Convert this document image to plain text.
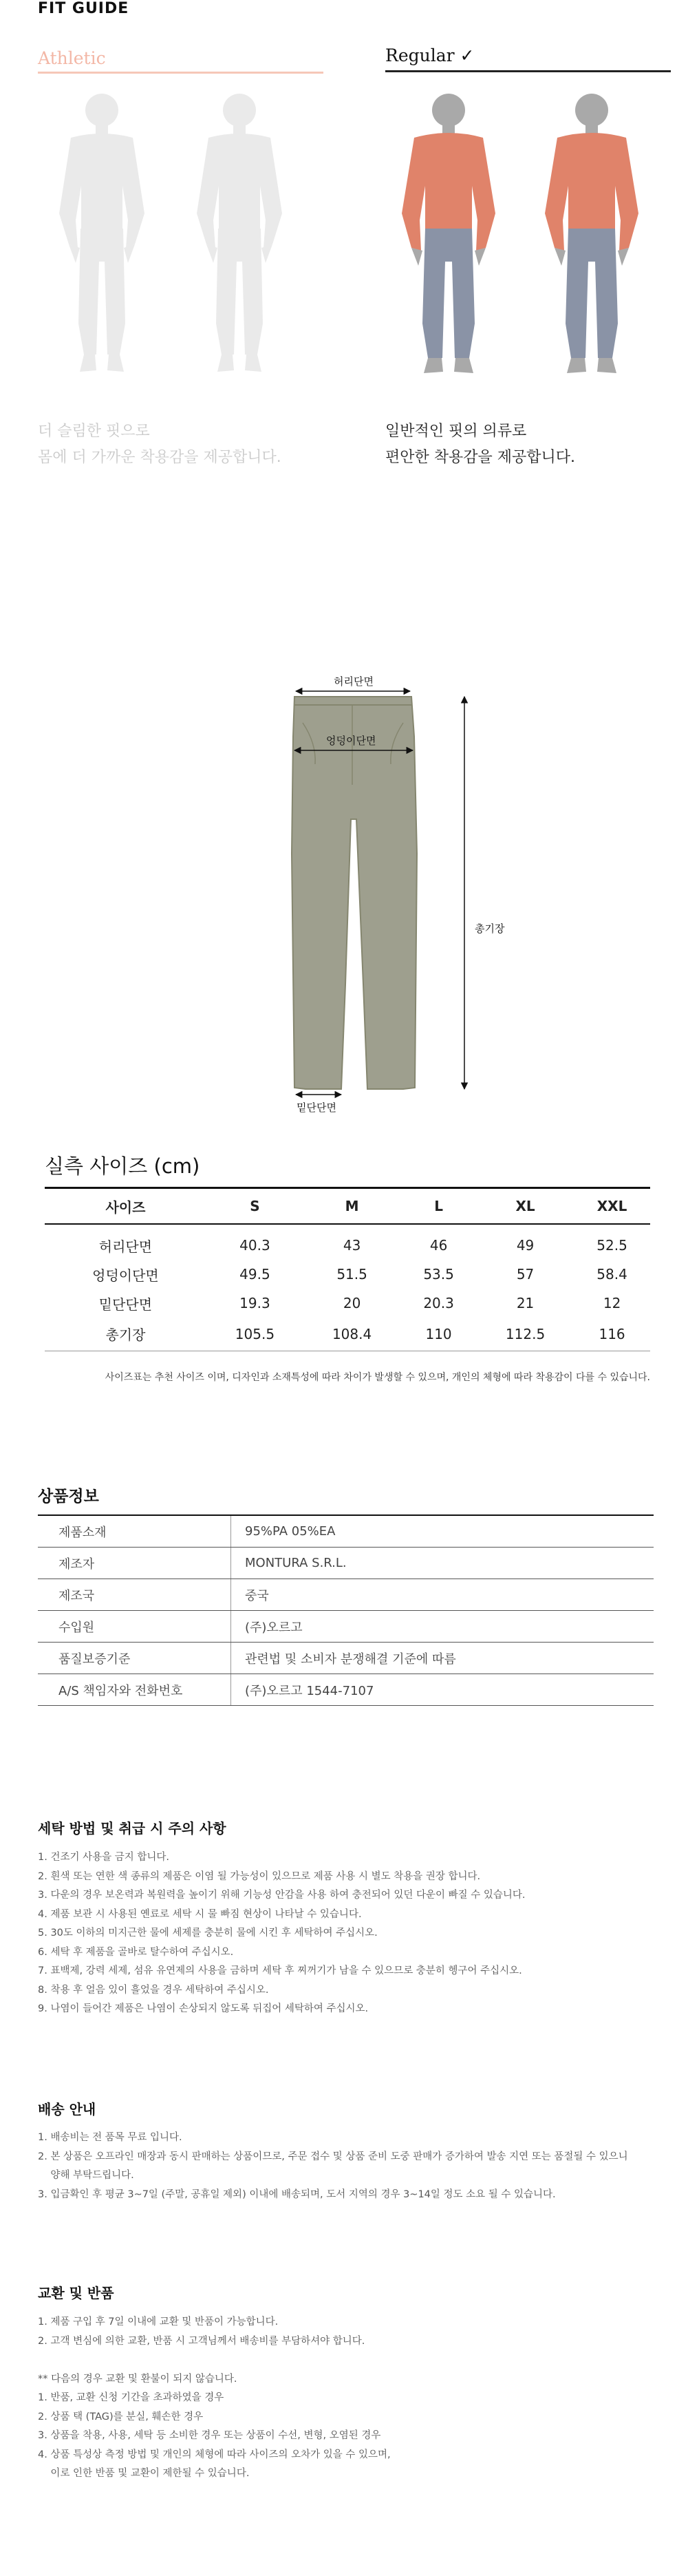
FIT GUIDE
Athletic	Regular ✓
더 슬림한 핏으로
몸에 더 가까운 착용감을 제공합니다.
일반적인 핏의 의류로
편안한 착용감을 제공합니다.
허리단면
엉덩이단면
밑단단면
총기장
실측 사이즈 (cm)
사이즈	S	M	L	XL	XXL
허리단면	40.3	43	46	49	52.5
엉덩이단면	49.5	51.5	53.5	57	58.4
밑단단면	19.3	20	20.3	21	12
총기장	105.5	108.4	110	112.5	116
사이즈표는 추천 사이즈 이며, 디자인과 소재특성에 따라 차이가 발생할 수 있으며, 개인의 체형에 따라 착용감이 다를 수 있습니다.
상품정보
제품소재	95%PA 05%EA
제조자	MONTURA S.R.L.
제조국	중국
수입원	(주)오르고
품질보증기준	관련법 및 소비자 분쟁해결 기준에 따름
A/S 책임자와 전화번호	(주)오르고 1544-7107
세탁 방법 및 취급 시 주의 사항
1. 건조기 사용을 금지 합니다.
2. 흰색 또는 연한 색 종류의 제품은 이염 될 가능성이 있으므로 제품 사용 시 별도 착용을 권장 합니다.
3. 다운의 경우 보온력과 복원력을 높이기 위해 기능성 안감을 사용 하여 충전되어 있던 다운이 빠질 수 있습니다.
4. 제품 보관 시 사용된 옌료로 세탁 시 물 빠짐 현상이 나타날 수 있습니다.
5. 30도 이하의 미지근한 물에 세제를 충분히 물에 시킨 후 세탁하여 주십시오.
6. 세탁 후 제품을 골바로 탈수하여 주십시오.
7. 표백제, 강력 세제, 섬유 유연제의 사용을 금하며 세탁 후 찌꺼기가 남을 수 있으므로 충분히 헹구어 주십시오.
8. 착용 후 얼음 있이 흘었을 경우 세탁하여 주십시오.
9. 나염이 들어간 제품은 나염이 손상되지 않도록 뒤집어 세탁하여 주십시오.
배송 안내
1. 배송비는 전 품목 무료 입니다.
2. 본 상품은 오프라인 매장과 동시 판매하는 상품이므로, 주문 접수 및 상품 준비 도중 판매가 증가하여 발송 지연 또는 품절될 수 있으니
양해 부탁드립니다.
3. 입금확인 후 평균 3~7일 (주말, 공휴일 제외) 이내에 배송되며, 도서 지역의 경우 3~14일 정도 소요 될 수 있습니다.
교환 및 반품
1. 제품 구입 후 7일 이내에 교환 및 반품이 가능합니다.
2. 고객 변심에 의한 교환, 반품 시 고객님께서 배송비를 부담하셔야 합니다.
** 다음의 경우 교환 및 환불이 되지 않습니다.
1. 반품, 교환 신청 기간을 초과하였을 경우
2. 상품 택 (TAG)를 분실, 훼손한 경우
3. 상품을 착용, 사용, 세탁 등 소비한 경우 또는 상품이 수선, 변형, 오염된 경우
4. 상품 특성상 측정 방법 및 개인의 체형에 따라 사이즈의 오차가 있을 수 있으며,
이로 인한 반품 및 교환이 제한될 수 있습니다.
